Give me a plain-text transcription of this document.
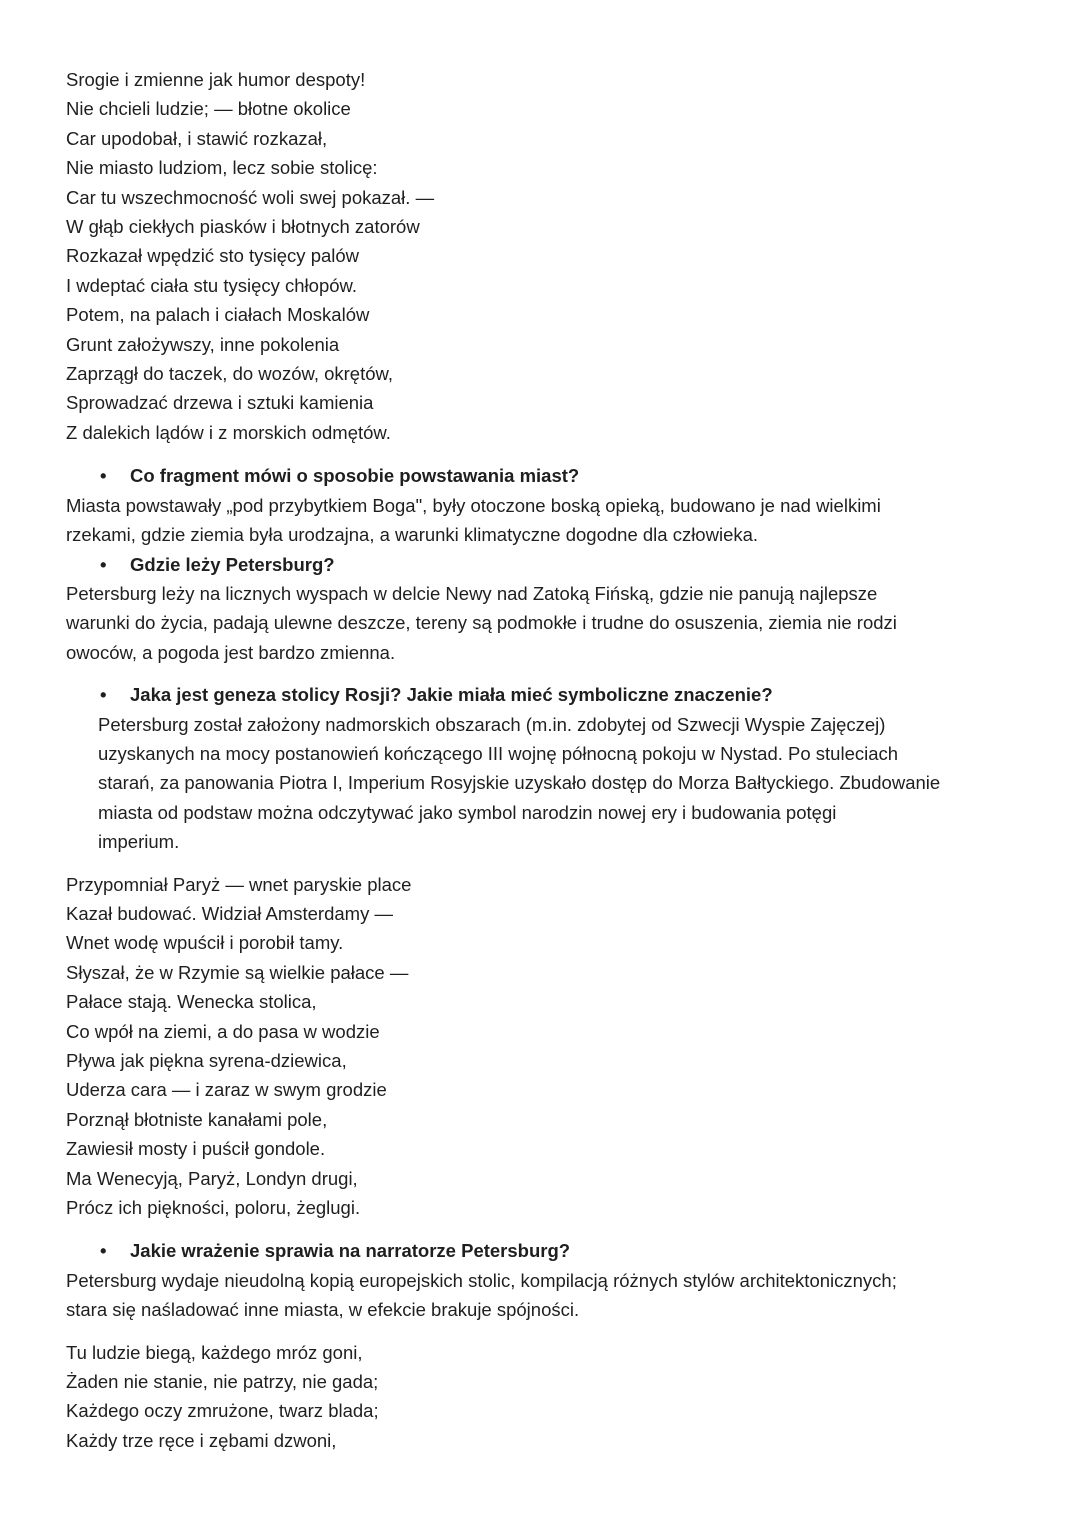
Srogie i zmienne jak humor despoty!
Nie chcieli ludzie; — błotne okolice
Car upodobał, i stawić rozkazał,
Nie miasto ludziom, lecz sobie stolicę:
Car tu wszechmocność woli swej pokazał. —
W głąb ciekłych piasków i błotnych zatorów
Rozkazał wpędzić sto tysięcy palów
I wdeptać ciała stu tysięcy chłopów.
Potem, na palach i ciałach Moskalów
Grunt założywszy, inne pokolenia
Zaprzągł do taczek, do wozów, okrętów,
Sprowadzać drzewa i sztuki kamienia
Z dalekich lądów i z morskich odmętów.
• Co fragment mówi o sposobie powstawania miast?
Miasta powstawały „pod przybytkiem Boga", były otoczone boską opieką, budowano je nad wielkimi
rzekami, gdzie ziemia była urodzajna, a warunki klimatyczne dogodne dla człowieka.
• Gdzie leży Petersburg?
Petersburg leży na licznych wyspach w delcie Newy nad Zatoką Fińską, gdzie nie panują najlepsze
warunki do życia, padają ulewne deszcze, tereny są podmokłe i trudne do osuszenia, ziemia nie rodzi
owoców, a pogoda jest bardzo zmienna.
• Jaka jest geneza stolicy Rosji? Jakie miała mieć symboliczne znaczenie?
Petersburg został założony nadmorskich obszarach (m.in. zdobytej od Szwecji Wyspie Zajęczej)
uzyskanych na mocy postanowień kończącego III wojnę północną pokoju w Nystad. Po stuleciach
starań, za panowania Piotra I, Imperium Rosyjskie uzyskało dostęp do Morza Bałtyckiego. Zbudowanie
miasta od podstaw można odczytywać jako symbol narodzin nowej ery i budowania potęgi
imperium.
Przypomniał Paryż — wnet paryskie place
Kazał budować. Widział Amsterdamy —
Wnet wodę wpuścił i porobił tamy.
Słyszał, że w Rzymie są wielkie pałace —
Pałace stają. Wenecka stolica,
Co wpół na ziemi, a do pasa w wodzie
Pływa jak piękna syrena-dziewica,
Uderza cara — i zaraz w swym grodzie
Porznął błotniste kanałami pole,
Zawiesił mosty i puścił gondole.
Ma Wenecyją, Paryż, Londyn drugi,
Prócz ich piękności, poloru, żeglugi.
• Jakie wrażenie sprawia na narratorze Petersburg?
Petersburg wydaje nieudolną kopią europejskich stolic, kompilacją różnych stylów architektonicznych;
stara się naśladować inne miasta, w efekcie brakuje spójności.
Tu ludzie biegą, każdego mróz goni,
Żaden nie stanie, nie patrzy, nie gada;
Każdego oczy zmrużone, twarz blada;
Każdy trze ręce i zębami dzwoni,
